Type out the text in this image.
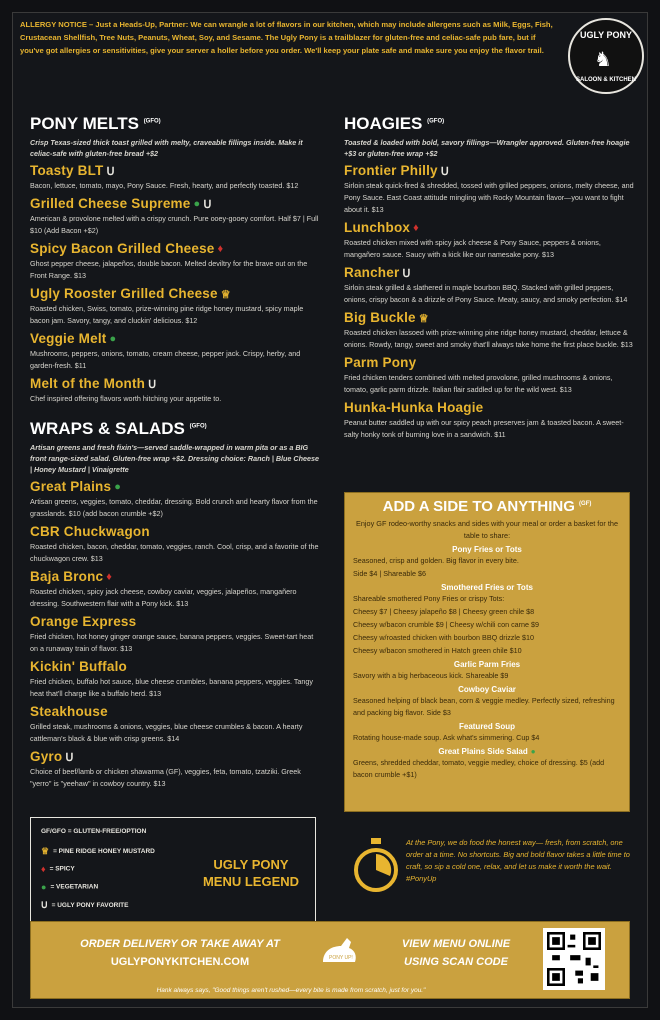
ALLERGY NOTICE – Just a Heads-Up, Partner: We can wrangle a lot of flavors in our kitchen, which may include allergens such as Milk, Eggs, Fish, Crustacean Shellfish, Tree Nuts, Peanuts, Wheat, Soy, and Sesame. The Ugly Pony is a trailblazer for gluten-free and celiac-safe pub fare, but if you've got allergies or sensitivities, give your server a holler before you order. We'll keep your plate safe and make sure you enjoy the flavor trail.
UGLY PONY
♞
SALOON & KITCHEN
PONY MELTS $^{(GFO)}$
Crisp Texas-sized thick toast grilled with melty, craveable fillings inside. Make it celiac-safe with gluten-free bread +$2
Toasty BLT Ս
Bacon, lettuce, tomato, mayo, Pony Sauce. Fresh, hearty, and perfectly toasted. $12
Grilled Cheese Supreme ● Ս
American & provolone melted with a crispy crunch. Pure ooey-gooey comfort. Half $7 | Full $10 (Add Bacon +$2)
Spicy Bacon Grilled Cheese ♦
Ghost pepper cheese, jalapeños, double bacon. Melted deviltry for the brave out on the Front Range. $13
Ugly Rooster Grilled Cheese ♕
Roasted chicken, Swiss, tomato, prize-winning pine ridge honey mustard, spicy maple bacon jam. Savory, tangy, and cluckin' delicious. $12
Veggie Melt ●
Mushrooms, peppers, onions, tomato, cream cheese, pepper jack. Crispy, herby, and garden-fresh. $11
Melt of the Month Ս
Chef inspired offering flavors worth hitching your appetite to.
WRAPS & SALADS $^{(GFO)}$
Artisan greens and fresh fixin's—served saddle-wrapped in warm pita or as a BIG front range-sized salad. Gluten-free wrap +$2. Dressing choice: Ranch | Blue Cheese | Honey Mustard | Vinaigrette
Great Plains ●
Artisan greens, veggies, tomato, cheddar, dressing. Bold crunch and hearty flavor from the grasslands. $10 (add bacon crumble +$2)
CBR Chuckwagon
Roasted chicken, bacon, cheddar, tomato, veggies, ranch. Cool, crisp, and a favorite of the chuckwagon crew. $13
Baja Bronc ♦
Roasted chicken, spicy jack cheese, cowboy caviar, veggies, jalapeños, mangañero dressing. Southwestern flair with a Pony kick. $13
Orange Express
Fried chicken, hot honey ginger orange sauce, banana peppers, veggies. Sweet-tart heat on a runaway train of flavor. $13
Kickin' Buffalo
Fried chicken, buffalo hot sauce, blue cheese crumbles, banana peppers, veggies. Tangy heat that'll charge like a buffalo herd. $13
Steakhouse
Grilled steak, mushrooms & onions, veggies, blue cheese crumbles & bacon. A hearty cattleman's black & blue with crisp greens. $14
Gyro Ս
Choice of beef/lamb or chicken shawarma (GF), veggies, feta, tomato, tzatziki. Greek "yerro" is "yeehaw" in cowboy country. $13
HOAGIES $^{(GFO)}$
Toasted & loaded with bold, savory fillings—Wrangler approved. Gluten-free hoagie +$3 or gluten-free wrap +$2
Frontier Philly Ս
Sirloin steak quick-fired & shredded, tossed with grilled peppers, onions, melty cheese, and Pony Sauce. East Coast attitude mingling with Rocky Mountain flavor—you want to fight about it. $13
Lunchbox ♦
Roasted chicken mixed with spicy jack cheese & Pony Sauce, peppers & onions, mangañero sauce. Saucy with a kick like our namesake pony. $13
Rancher Ս
Sirloin steak grilled & slathered in maple bourbon BBQ. Stacked with grilled peppers, onions, crispy bacon & a drizzle of Pony Sauce. Meaty, saucy, and smoky perfection. $14
Big Buckle ♕
Roasted chicken lassoed with prize-winning pine ridge honey mustard, cheddar, lettuce & onions. Rowdy, tangy, sweet and smoky that'll always take home the first place buckle. $13
Parm Pony
Fried chicken tenders combined with melted provolone, grilled mushrooms & onions, tomato, garlic parm drizzle. Italian flair saddled up for the wild west. $13
Hunka-Hunka Hoagie
Peanut butter saddled up with our spicy peach preserves jam & toasted bacon. A sweet-salty honky tonk of burning love in a sandwich. $11
ADD A SIDE TO ANYTHING $^{(GF)}$
Enjoy GF rodeo-worthy snacks and sides with your meal or order a basket for the table to share:
Pony Fries or Tots
Seasoned, crisp and golden. Big flavor in every bite.
Side $4 | Shareable $6
Smothered Fries or Tots
Shareable smothered Pony Fries or crispy Tots:
Cheesy $7 | Cheesy jalapeño $8 | Cheesy green chile $8
Cheesy w/bacon crumble $9 | Cheesy w/chili con carne $9
Cheesy w/roasted chicken with bourbon BBQ drizzle $10
Cheesy w/bacon smothered in Hatch green chile $10
Garlic Parm Fries
Savory with a big herbaceous kick. Shareable $9
Cowboy Caviar
Seasoned helping of black bean, corn & veggie medley. Perfectly sized, refreshing and packing big flavor. Side $3
Featured Soup
Rotating house-made soup. Ask what's simmering. Cup $4
Great Plains Side Salad ●
Greens, shredded cheddar, tomato, veggie medley, choice of dressing. $5 (add bacon crumble +$1)
GF/GFO = GLUTEN-FREE/OPTION
♕ = PINE RIDGE HONEY MUSTARD
♦ = SPICY
● = VEGETARIAN
Ս = UGLY PONY FAVORITE
UGLY PONY
MENU LEGEND
At the Pony, we do food the honest way— fresh, from scratch, one order at a time. No shortcuts. Big and bold flavor takes a little time to craft, so sip a cold one, relax, and let us make it worth the wait. #PonyUp
ORDER DELIVERY OR TAKE AWAY AT
UGLYPONYKITCHEN.COM	PONY UP!
VIEW MENU ONLINE
USING SCAN CODE
Hank always says, "Good things aren't rushed—every bite is made from scratch, just for you."
